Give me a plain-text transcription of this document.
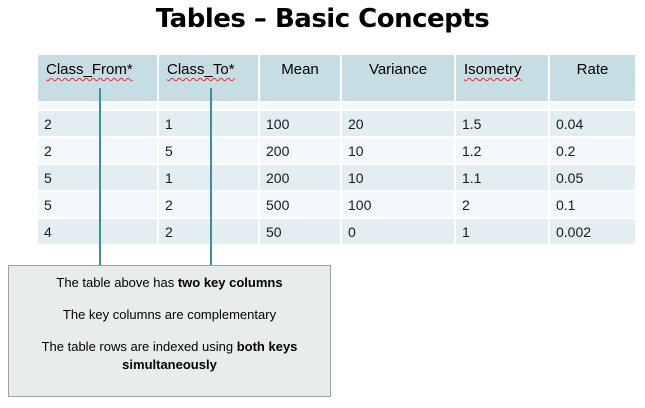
Tables – Basic Concepts
Class_From*	Class_To*	Mean	Variance	Isometry	Rate

2	1	100	20	1.5	0.04
2	5	200	10	1.2	0.2
5	1	200	10	1.1	0.05
5	2	500	100	2	0.1
4	2	50	0	1	0.002

The table above has two key columns

The key columns are complementary

The table rows are indexed using both keys simultaneously
